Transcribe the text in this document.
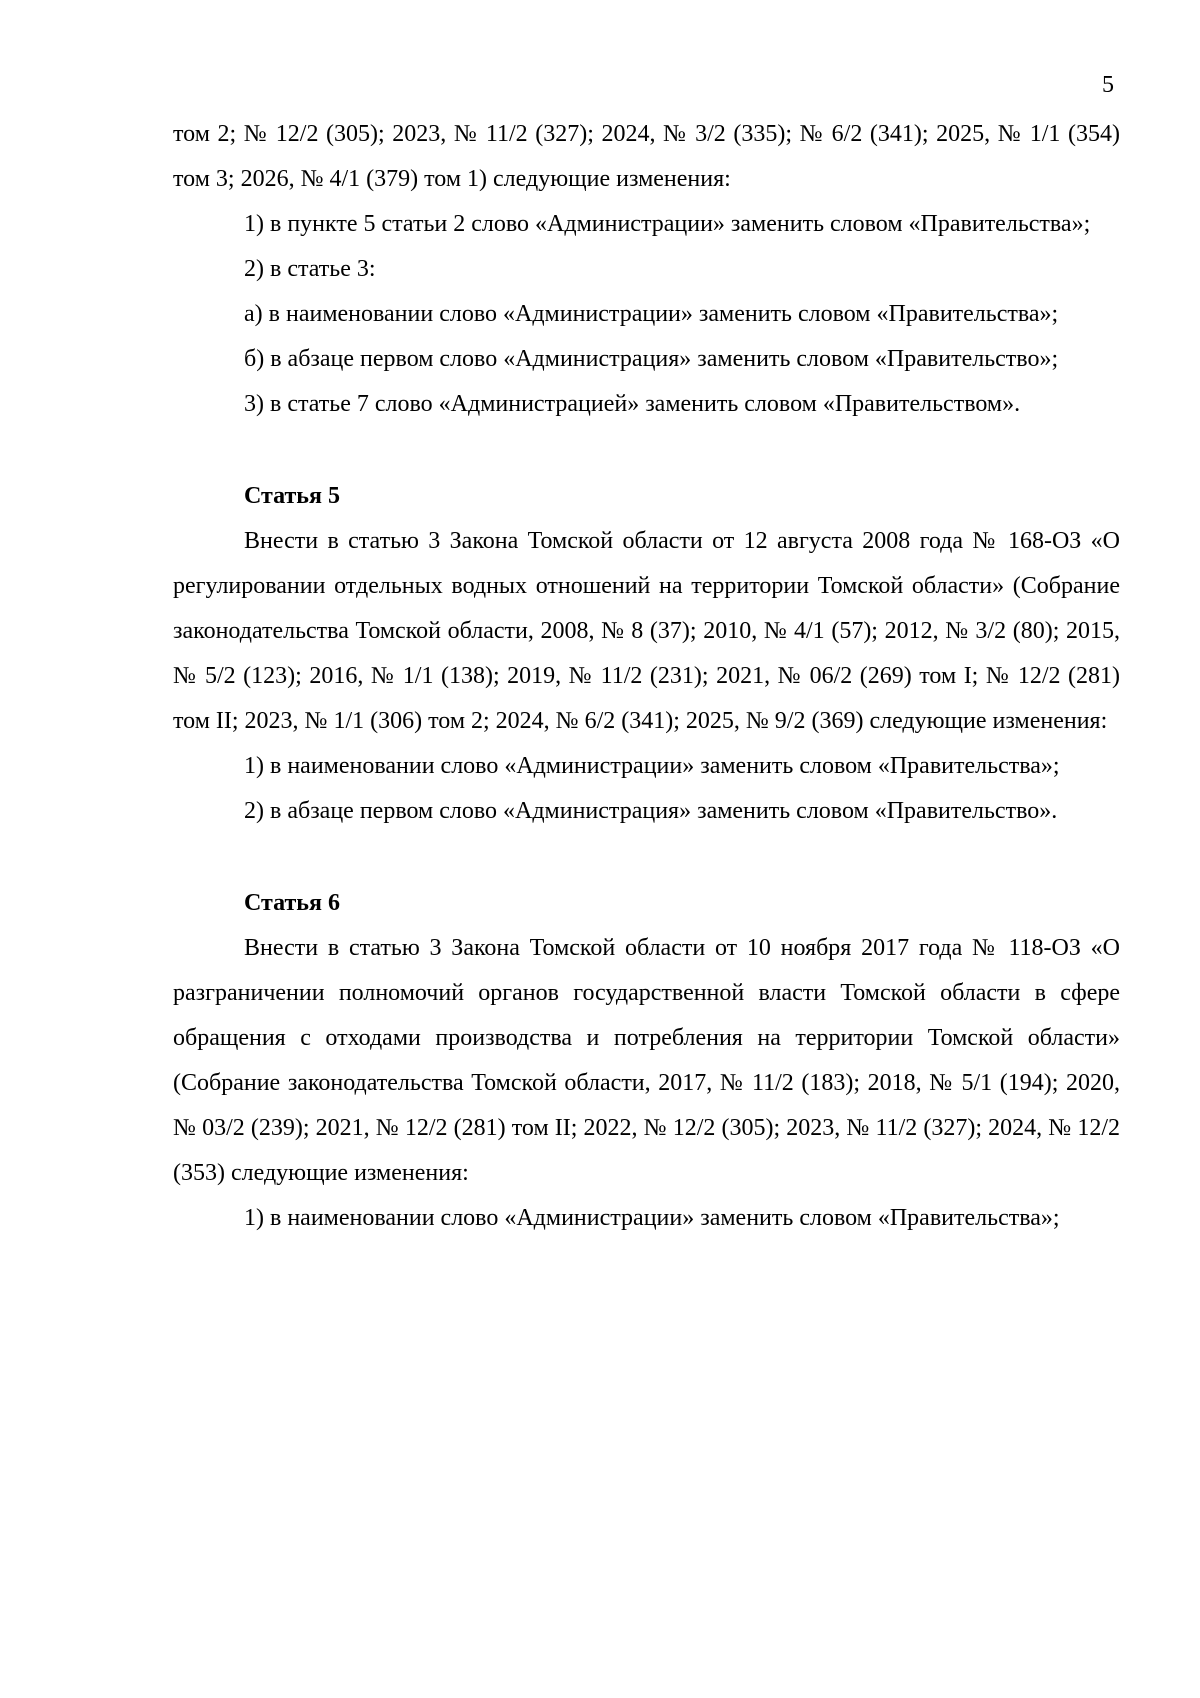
5

том 2; № 12/2 (305); 2023, № 11/2 (327); 2024, № 3/2 (335); № 6/2 (341); 2025, № 1/1 (354) том 3; 2026, № 4/1 (379) том 1) следующие изменения:

1) в пункте 5 статьи 2 слово «Администрации» заменить словом «Правительства»;

2) в статье 3:

а) в наименовании слово «Администрации» заменить словом «Правительства»;

б) в абзаце первом слово «Администрация» заменить словом «Правительство»;

3) в статье 7 слово «Администрацией» заменить словом «Правительством».

Статья 5

Внести в статью 3 Закона Томской области от 12 августа 2008 года № 168-ОЗ «О регулировании отдельных водных отношений на территории Томской области» (Собрание законодательства Томской области, 2008, № 8 (37); 2010, № 4/1 (57); 2012, № 3/2 (80); 2015, № 5/2 (123); 2016, № 1/1 (138); 2019, № 11/2 (231); 2021, № 06/2 (269) том I; № 12/2 (281) том II; 2023, № 1/1 (306) том 2; 2024, № 6/2 (341); 2025, № 9/2 (369) следующие изменения:

1) в наименовании слово «Администрации» заменить словом «Правительства»;

2) в абзаце первом слово «Администрация» заменить словом «Правительство».

Статья 6

Внести в статью 3 Закона Томской области от 10 ноября 2017 года № 118-ОЗ «О разграничении полномочий органов государственной власти Томской области в сфере обращения с отходами производства и потребления на территории Томской области» (Собрание законодательства Томской области, 2017, № 11/2 (183); 2018, № 5/1 (194); 2020, № 03/2 (239); 2021, № 12/2 (281) том II; 2022, № 12/2 (305); 2023, № 11/2 (327); 2024, № 12/2 (353) следующие изменения:

1) в наименовании слово «Администрации» заменить словом «Правительства»;
